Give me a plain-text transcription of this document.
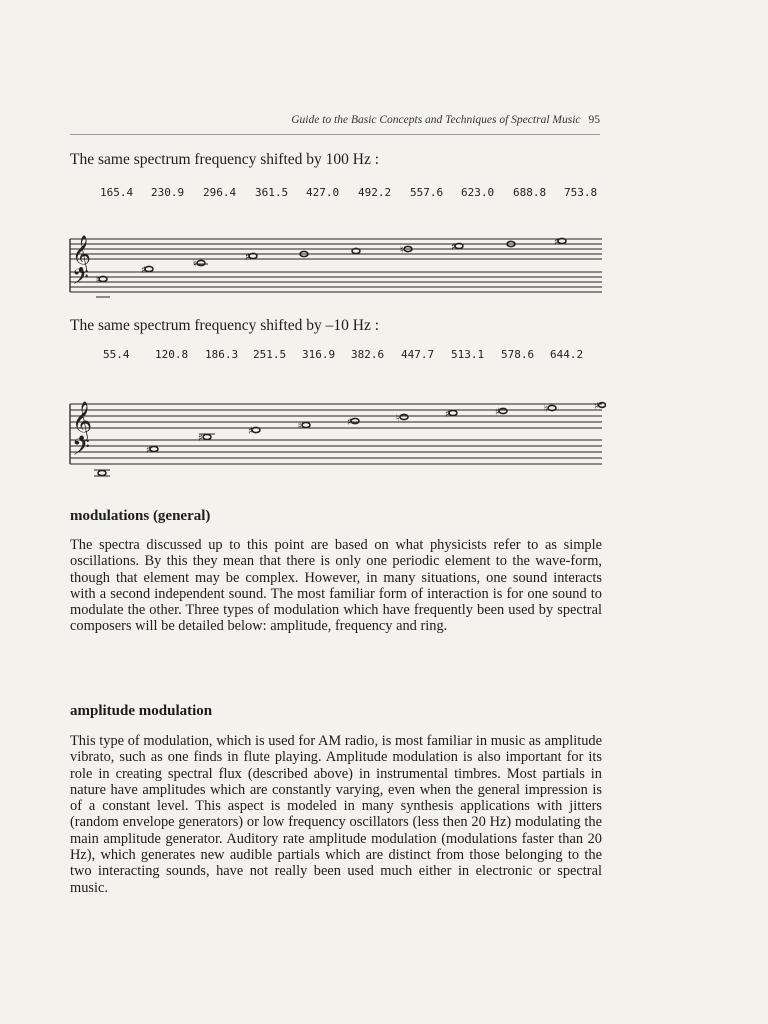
Guide to the Basic Concepts and Techniques of Spectral Music 95
The same spectrum frequency shifted by 100 Hz :
165.4 230.9 296.4 361.5 427.0 492.2 557.6 623.0 688.8 753.8
𝄞
𝄢 ♮
♯
♮
♯
♮	♯	♯
The same spectrum frequency shifted by –10 Hz :
55.4 120.8 186.3 251.5 316.9 382.6 447.7 513.1 578.6 644.2
𝄞
𝄢	♯
♯
♯	♮	♯	♮	♯	♯	♮	♯
modulations (general)

The spectra discussed up to this point are based on what physicists refer to as simple oscillations. By this they mean that there is only one periodic element to the wave-form, though that element may be complex. However, in many situations, one sound interacts with a second independent sound. The most familiar form of interaction is for one sound to modulate the other. Three types of modulation which have frequently been used by spectral composers will be detailed below: amplitude, frequency and ring.

amplitude modulation

This type of modulation, which is used for AM radio, is most familiar in music as amplitude vibrato, such as one finds in flute playing. Amplitude modulation is also important for its role in creating spectral flux (described above) in instrumental timbres. Most partials in nature have amplitudes which are constantly varying, even when the general impression is of a constant level. This aspect is modeled in many synthesis applications with jitters (random envelope generators) or low frequency oscillators (less then 20 Hz) modulating the main amplitude generator. Auditory rate amplitude modulation (modulations faster than 20 Hz), which generates new audible partials which are distinct from those belonging to the two interacting sounds, have not really been used much either in electronic or spectral music.
